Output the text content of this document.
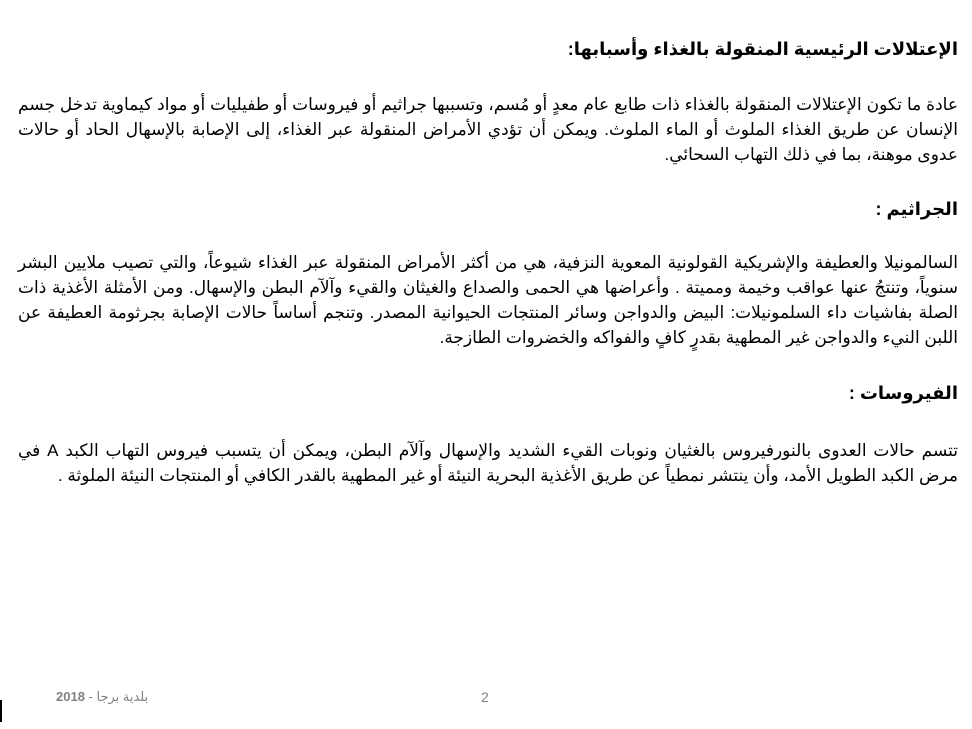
الإعتلالات الرئيسية المنقولة بالغذاء وأسبابها:

عادة ما تكون الإعتلالات المنقولة بالغذاء ذات طابع عام معدٍ أو مُسم، وتسببها جراثيم أو فيروسات أو طفيليات أو مواد كيماوية تدخل جسم الإنسان عن طريق الغذاء الملوث أو الماء الملوث. ويمكن أن تؤدي الأمراض المنقولة عبر الغذاء، إلى الإصابة بالإسهال الحاد أو حالات عدوى موهنة، بما في ذلك التهاب السحائي.

الجراثيم :

السالمونيلا والعطيفة والإشريكية القولونية المعوية النزفية، هي من أكثر الأمراض المنقولة عبر الغذاء شيوعاً، والتي تصيب ملايين البشر سنوياً، وتنتجُ عنها عواقب وخيمة ومميتة . وأعراضها هي الحمى والصداع والغيثان والقيء وآلآم البطن والإسهال. ومن الأمثلة الأغذية ذات الصلة بفاشيات داء السلمونيلات: البيض والدواجن وسائر المنتجات الحيوانية المصدر. وتنجم أساساً حالات الإصابة بجرثومة العطيفة عن اللبن النيء والدواجن غير المطهية بقدرٍ كافٍ والفواكه والخضروات الطازجة.

الفيروسات :

تتسم حالات العدوى بالنورفيروس بالغثيان ونوبات القيء الشديد والإسهال وآلآم البطن، ويمكن أن يتسبب فيروس التهاب الكبد A في مرض الكبد الطويل الأمد، وأن ينتشر نمطياً عن طريق الأغذية البحرية النيئة أو غير المطهية بالقدر الكافي أو المنتجات النيئة الملوثة .

بلدية برجا - 2018	2
